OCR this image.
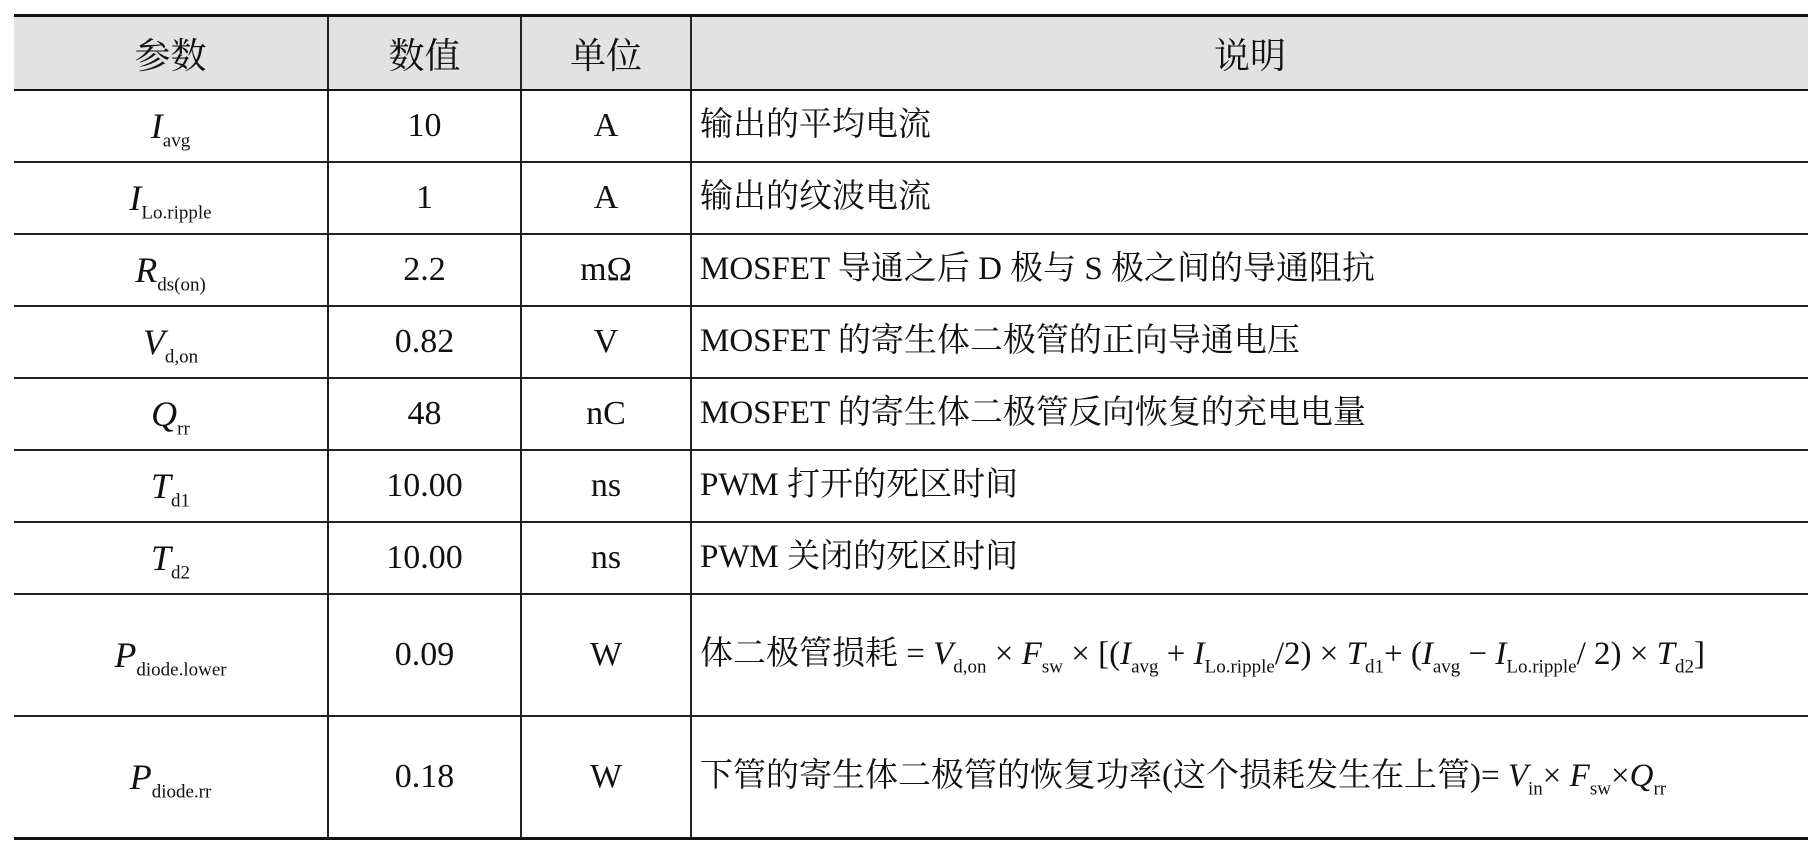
参数	数值	单位	说明
$I_{avg}$	10	A	输出的平均电流
$I_{Lo.ripple}$	1	A	输出的纹波电流
$R_{ds(on)}$	2.2	mΩ	MOSFET 导通之后 D 极与 S 极之间的导通阻抗
$V_{d,on}$	0.82	V	MOSFET 的寄生体二极管的正向导通电压
$Q_{rr}$	48	nC	MOSFET 的寄生体二极管反向恢复的充电电量
$T_{d1}$	10.00	ns	PWM 打开的死区时间
$T_{d2}$	10.00	ns	PWM 关闭的死区时间
$P_{diode.lower}$	0.09	W	体二极管损耗 = $V_{d,on} \times F_{sw} \times [(I_{avg} + I_{Lo.ripple}/2) \times T_{d1}+ (I_{avg} - I_{Lo.ripple}/$ $2) \times T_{d2}$]
$P_{diode.rr}$	0.18	W	下管的寄生体二极管的恢复功率(这个损耗发生在上管)= $V_{in}\times F_{sw}\times Q_{rr}$
